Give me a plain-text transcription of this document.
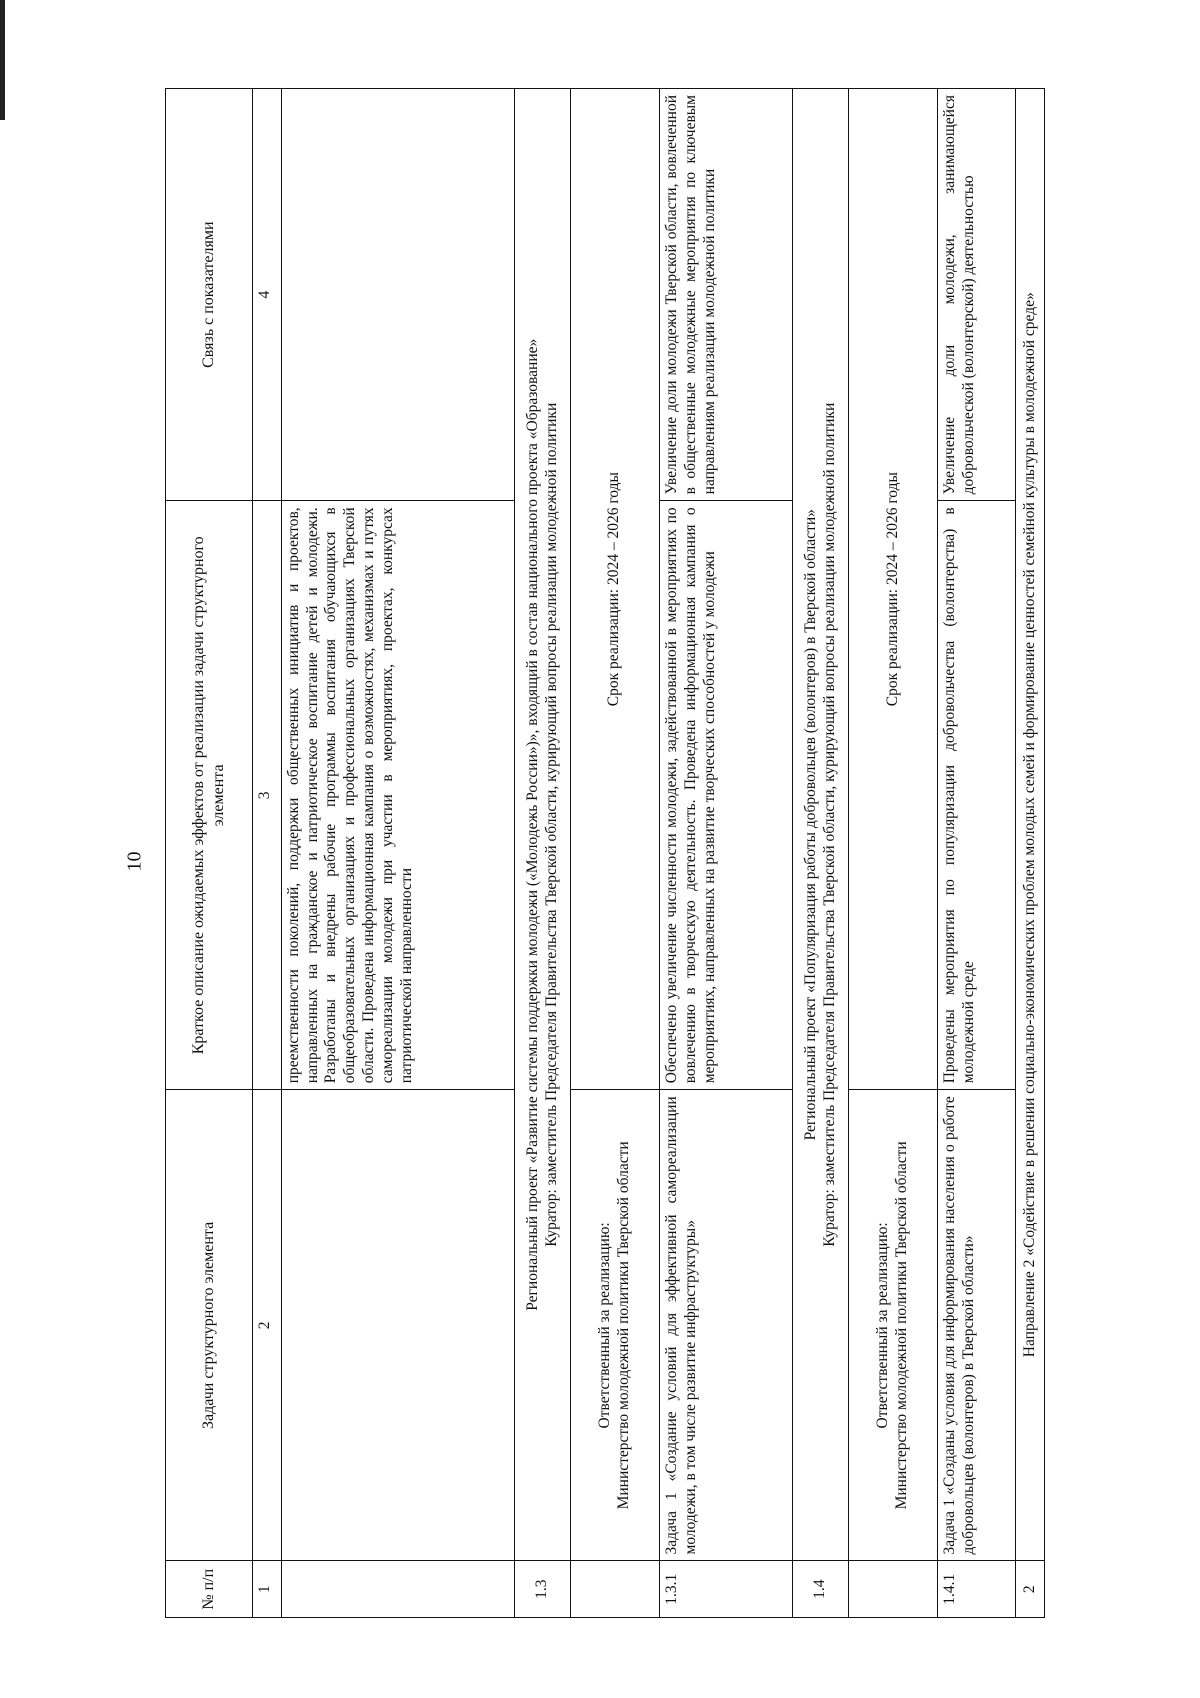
10
№ п/п	Задачи структурного элемента	Краткое описание ожидаемых эффектов от реализации задачи структурного элемента	Связь с показателями
1	2	3	4
		преемственности поколений, поддержки общественных инициатив и проектов, направленных на гражданское и патриотическое воспитание детей и молодежи. Разработаны и внедрены рабочие программы воспитания обучающихся в общеобразовательных организациях и профессиональных организациях Тверской области. Проведена информационная кампания о возможностях, механизмах и путях самореализации молодежи при участии в мероприятиях, проектах, конкурсах патриотической направленности	
1.3	Региональный проект «Развитие системы поддержки молодежи («Молодежь России»)», входящий в состав национального проекта «Образование» Куратор: заместитель Председателя Правительства Тверской области, курирующий вопросы реализации молодежной политики		

	Ответственный за реализацию: Министерство молодежной политики Тверской области	Срок реализации: 2024 – 2026 годы	
1.3.1	Задача 1 «Создание условий для эффективной самореализации молодежи, в том числе развитие инфраструктуры»	Обеспечено увеличение численности молодежи, задействованной в мероприятиях по вовлечению в творческую деятельность. Проведена информационная кампания о мероприятиях, направленных на развитие творческих способностей у молодежи	Увеличение доли молодежи Тверской области, вовлеченной в общественные молодежные мероприятия по ключевым направлениям реализации молодежной политики
1.4	Региональный проект «Популяризация работы добровольцев (волонтеров) в Тверской области» Куратор: заместитель Председателя Правительства Тверской области, курирующий вопросы реализации молодежной политики		

	Ответственный за реализацию: Министерство молодежной политики Тверской области	Срок реализации: 2024 – 2026 годы	
1.4.1	Задача 1 «Созданы условия для информирования населения о работе добровольцев (волонтеров) в Тверской области»	Проведены мероприятия по популяризации добровольчества (волонтерства) в молодежной среде	Увеличение доли молодежи, занимающейся добровольческой (волонтерской) деятельностью
2	Направление 2 «Содействие в решении социально-экономических проблем молодых семей и формирование ценностей семейной культуры в молодежной среде»		
